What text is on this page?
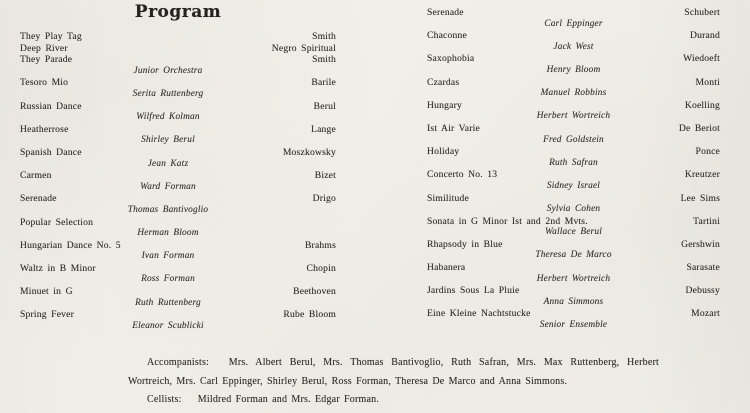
Program
They Play Tag	Smith
Deep River	Negro Spiritual
They Parade	Smith
Junior Orchestra
Tesoro Mio	Barile
Serita Ruttenberg
Russian Dance	Berul
Wilfred Kolman
Heatherrose	Lange
Shirley Berul
Spanish Dance	Moszkowsky
Jean Katz
Carmen	Bizet
Ward Forman
Serenade	Drigo
Thomas Bantivoglio
Popular Selection
Herman Bloom
Hungarian Dance No. 5	Brahms
Ivan Forman
Waltz in B Minor	Chopin
Ross Forman
Minuet in G	Beethoven
Ruth Ruttenberg
Spring Fever	Rube Bloom
Eleanor Scublicki
Serenade	Schubert
Carl Eppinger
Chaconne	Durand
Jack West
Saxophobia	Wiedoeft
Henry Bloom
Czardas	Monti
Manuel Robbins
Hungary	Koelling
Herbert Wortreich
Ist Air Varie	De Beriot
Fred Goldstein
Holiday	Ponce
Ruth Safran
Concerto No. 13	Kreutzer
Sidney Israel
Similitude	Lee Sims
Sylvia Cohen
Sonata in G Minor Ist and 2nd Mvts.	Tartini
Wallace Berul
Rhapsody in Blue	Gershwin
Theresa De Marco
Habanera	Sarasate
Herbert Wortreich
Jardins Sous La Pluie	Debussy
Anna Simmons
Eine Kleine Nachtstucke	Mozart
Senior Ensemble

Accompanists: Mrs. Albert Berul, Mrs. Thomas Bantivoglio, Ruth Safran, Mrs. Max Ruttenberg, Herbert Wortreich, Mrs. Carl Eppinger, Shirley Berul, Ross Forman, Theresa De Marco and Anna Simmons.

Cellists: Mildred Forman and Mrs. Edgar Forman.
